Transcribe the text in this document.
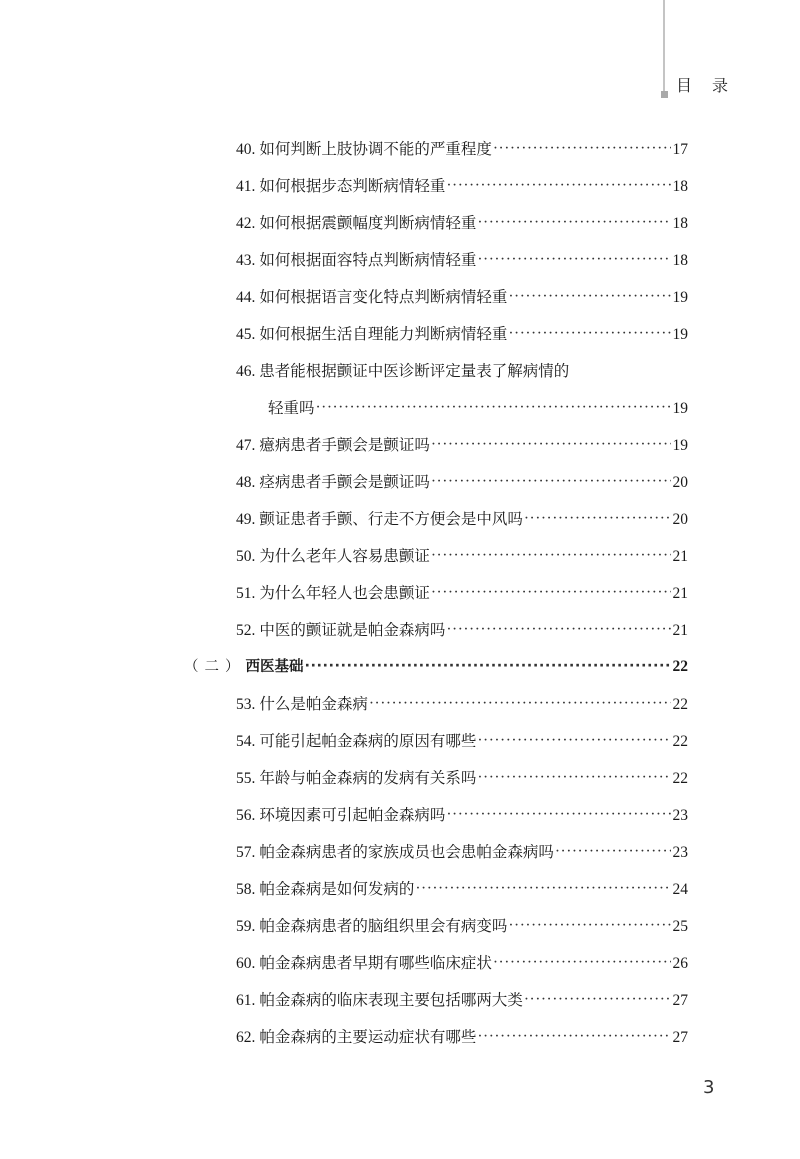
目录
40. 如何判断上肢协调不能的严重程度 ·····	17
41. 如何根据步态判断病情轻重 ·····	18
42. 如何根据震颤幅度判断病情轻重 ·····	18
43. 如何根据面容特点判断病情轻重 ·····	18
44. 如何根据语言变化特点判断病情轻重 ·····	19
45. 如何根据生活自理能力判断病情轻重 ·····	19
46. 患者能根据颤证中医诊断评定量表了解病情的
轻重吗 ·····	19
47. 癔病患者手颤会是颤证吗 ·····	19
48. 痉病患者手颤会是颤证吗 ·····	20
49. 颤证患者手颤、行走不方便会是中风吗 ·····	20
50. 为什么老年人容易患颤证 ·····	21
51. 为什么年轻人也会患颤证 ·····	21
52. 中医的颤证就是帕金森病吗 ·····	21
（二） 西医基础 ·····	22
53. 什么是帕金森病 ·····	22
54. 可能引起帕金森病的原因有哪些 ·····	22
55. 年龄与帕金森病的发病有关系吗 ·····	22
56. 环境因素可引起帕金森病吗 ·····	23
57. 帕金森病患者的家族成员也会患帕金森病吗 ·····	23
58. 帕金森病是如何发病的 ·····	24
59. 帕金森病患者的脑组织里会有病变吗 ·····	25
60. 帕金森病患者早期有哪些临床症状 ·····	26
61. 帕金森病的临床表现主要包括哪两大类 ·····	27
62. 帕金森病的主要运动症状有哪些 ·····	27
3
